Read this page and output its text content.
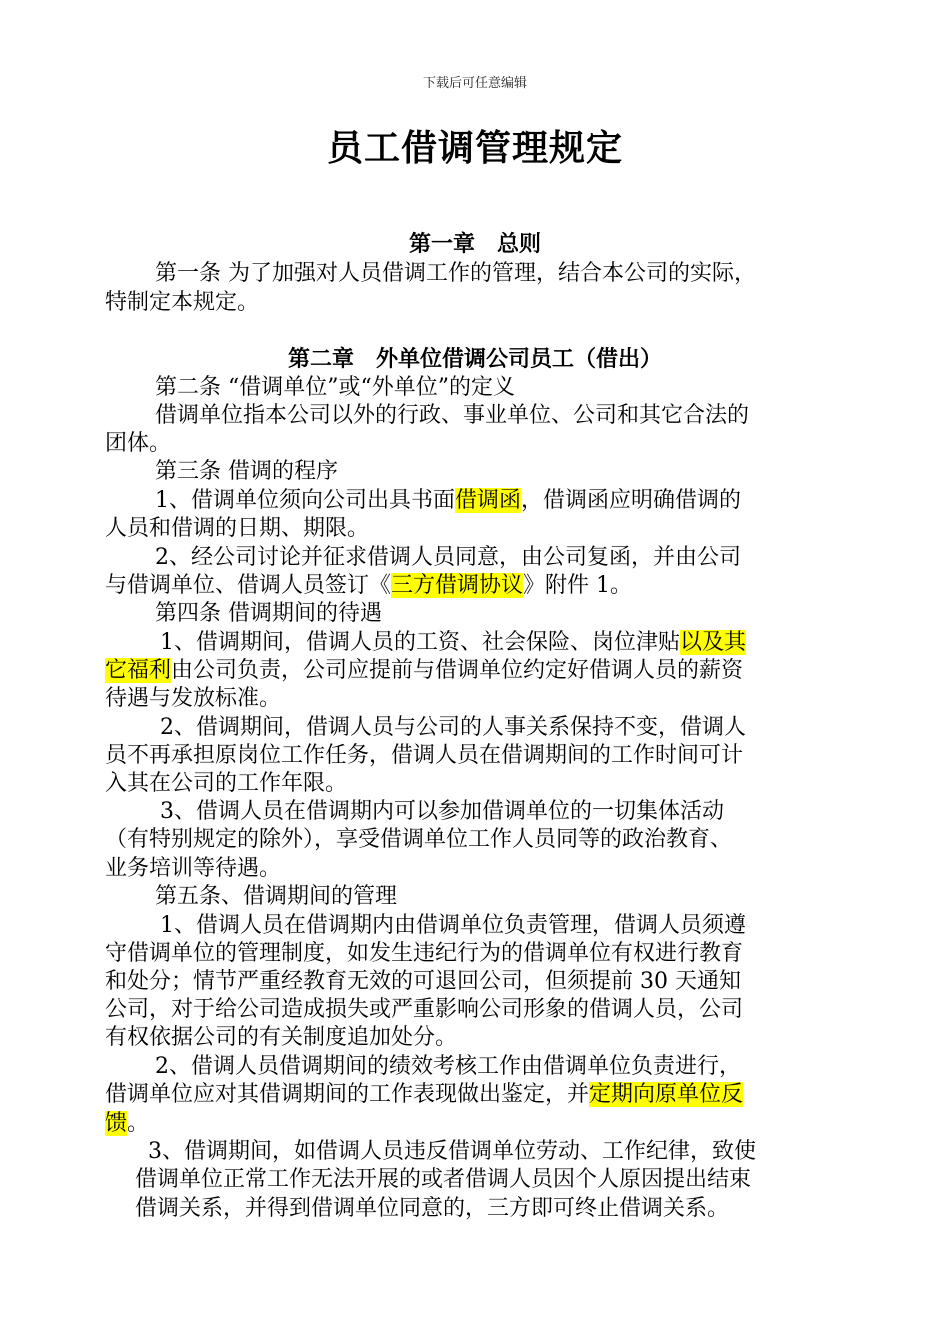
下载后可任意编辑
员工借调管理规定
第一章　总则
第一条 为了加强对人员借调工作的管理，结合本公司的实际，
特制定本规定。
第二章　外单位借调公司员工（借出）
第二条 “借调单位”或“外单位”的定义
借调单位指本公司以外的行政、事业单位、公司和其它合法的
团体。
第三条 借调的程序
1、借调单位须向公司出具书面借调函，借调函应明确借调的
人员和借调的日期、期限。
2、经公司讨论并征求借调人员同意，由公司复函，并由公司
与借调单位、借调人员签订《三方借调协议》附件 1。
第四条 借调期间的待遇
1、借调期间，借调人员的工资、社会保险、岗位津贴以及其
它福利由公司负责，公司应提前与借调单位约定好借调人员的薪资
待遇与发放标准。
2、借调期间，借调人员与公司的人事关系保持不变，借调人
员不再承担原岗位工作任务，借调人员在借调期间的工作时间可计
入其在公司的工作年限。
3、借调人员在借调期内可以参加借调单位的一切集体活动
（有特别规定的除外），享受借调单位工作人员同等的政治教育、
业务培训等待遇。
第五条、借调期间的管理
1、借调人员在借调期内由借调单位负责管理，借调人员须遵
守借调单位的管理制度，如发生违纪行为的借调单位有权进行教育
和处分；情节严重经教育无效的可退回公司，但须提前 30 天通知
公司，对于给公司造成损失或严重影响公司形象的借调人员，公司
有权依据公司的有关制度追加处分。
2、借调人员借调期间的绩效考核工作由借调单位负责进行，
借调单位应对其借调期间的工作表现做出鉴定，并定期向原单位反
馈。
3、借调期间，如借调人员违反借调单位劳动、工作纪律，致使
借调单位正常工作无法开展的或者借调人员因个人原因提出结束
借调关系，并得到借调单位同意的，三方即可终止借调关系。
